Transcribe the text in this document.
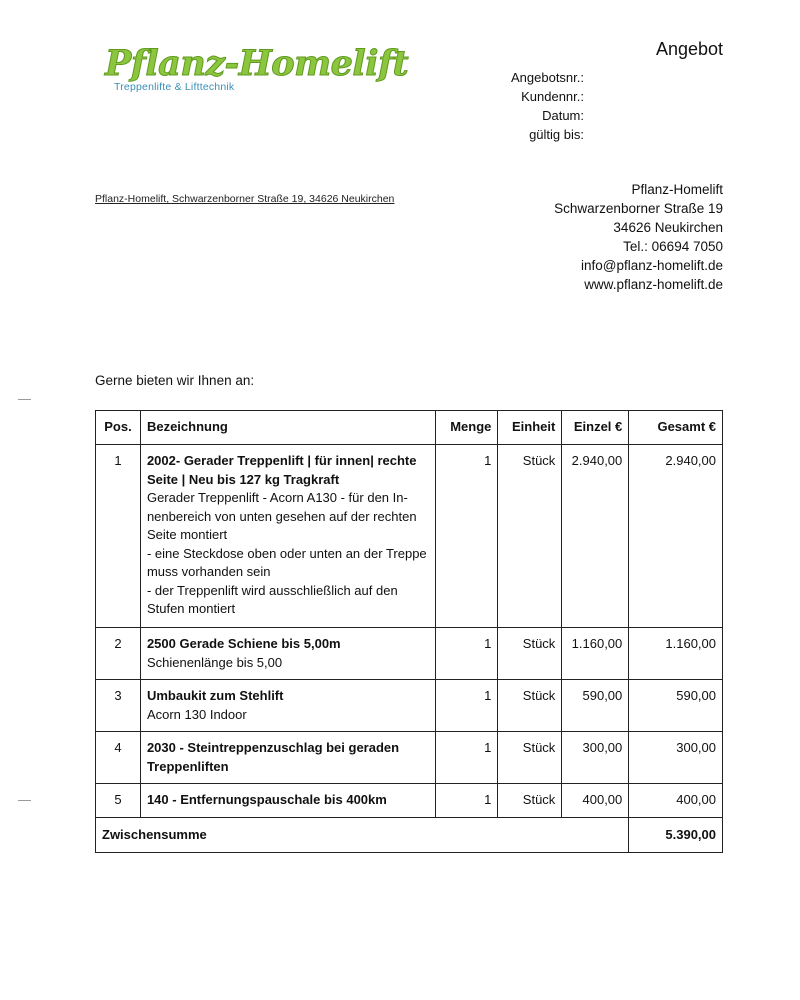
Pflanz-Homelift
Treppenlifte & Lifttechnik
Angebot
Angebotsnr.:
Kundennr.:
Datum:
gültig bis:
Pflanz-Homelift, Schwarzenborner Straße 19, 34626 Neukirchen
Pflanz-Homelift
Schwarzenborner Straße 19
34626 Neukirchen
Tel.: 06694 7050
info@pflanz-homelift.de
www.pflanz-homelift.de
Gerne bieten wir Ihnen an:
Pos.	Bezeichnung	Menge	Einheit	Einzel €	Gesamt €
1	2002- Gerader Treppenlift | für innen| rechte Seite | Neu bis 127 kg Tragkraft
Gerader Treppenlift - Acorn A130 - für den In-
nenbereich von unten gesehen auf der rechten Seite montiert
- eine Steckdose oben oder unten an der Treppe muss vorhanden sein
- der Treppenlift wird ausschließlich auf den Stufen montiert	1	Stück	2.940,00	2.940,00
2	2500 Gerade Schiene bis 5,00m
Schienenlänge bis 5,00	1	Stück	1.160,00	1.160,00
3	Umbaukit zum Stehlift
Acorn 130 Indoor	1	Stück	590,00	590,00
4	2030 - Steintreppenzuschlag bei geraden Treppenliften	1	Stück	300,00	300,00
5	140 - Entfernungspauschale bis 400km	1	Stück	400,00	400,00
Zwischensumme					5.390,00
